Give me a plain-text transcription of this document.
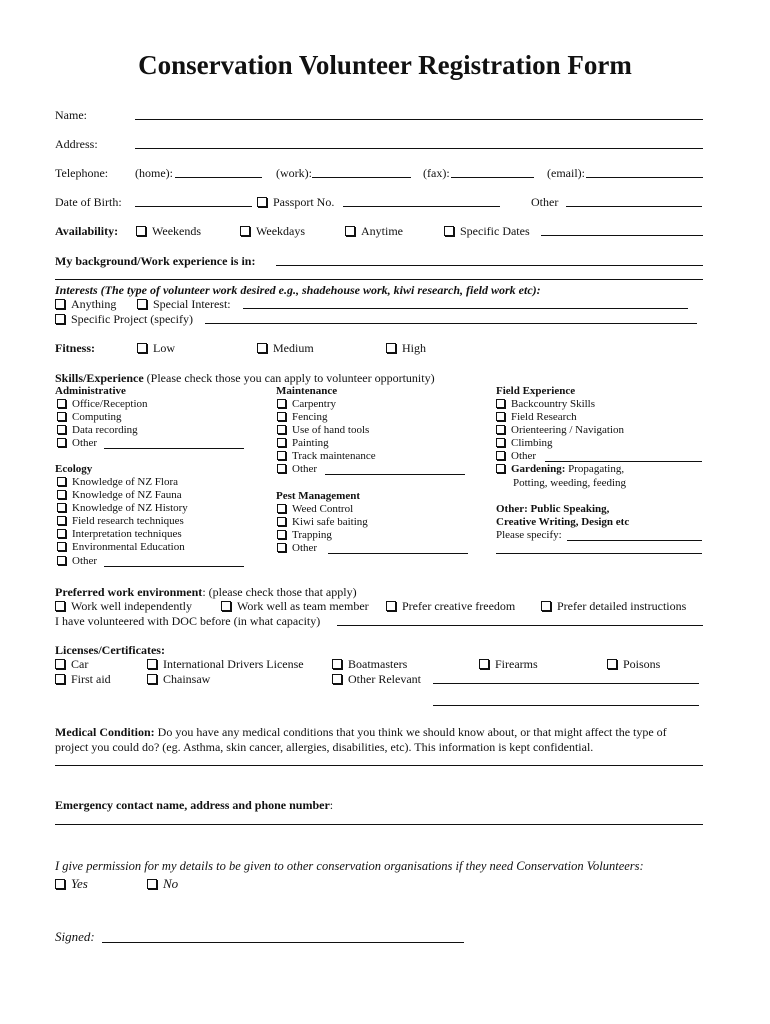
Conservation Volunteer Registration Form
Name:
Address:
Telephone: (home):	(work):	(fax):	(email):
Date of Birth:	Passport No.	Other
Availability:	Weekends	Weekdays	Anytime	Specific Dates
My background/Work experience is in:
Interests (The type of volunteer work desired e.g., shadehouse work, kiwi research, field work etc):
Anything	Special Interest:
Specific Project (specify)
Fitness:	Low	Medium	High
Skills/Experience (Please check those you can apply to volunteer opportunity)
Administrative
Office/Reception
Computing
Data recording
Other
Ecology
Knowledge of NZ Flora
Knowledge of NZ Fauna
Knowledge of NZ History
Field research techniques
Interpretation techniques
Environmental Education
Other
Maintenance
Carpentry
Fencing
Use of hand tools
Painting
Track maintenance
Other
Pest Management
Weed Control
Kiwi safe baiting
Trapping
Other
Field Experience
Backcountry Skills
Field Research
Orienteering / Navigation
Climbing
Other
Gardening: Propagating,
Potting, weeding, feeding
Other: Public Speaking,
Creative Writing, Design etc
Please specify:
Preferred work environment: (please check those that apply)
Work well independently	Work well as team member	Prefer creative freedom	Prefer detailed instructions
I have volunteered with DOC before (in what capacity)
Licenses/Certificates:
Car	International Drivers License	Boatmasters	Firearms	Poisons
First aid	Chainsaw	Other Relevant
Medical Condition: Do you have any medical conditions that you think we should know about, or that might affect the type of
project you could do? (eg. Asthma, skin cancer, allergies, disabilities, etc). This information is kept confidential.
Emergency contact name, address and phone number:
I give permission for my details to be given to other conservation organisations if they need Conservation Volunteers:
Yes	No
Signed:
